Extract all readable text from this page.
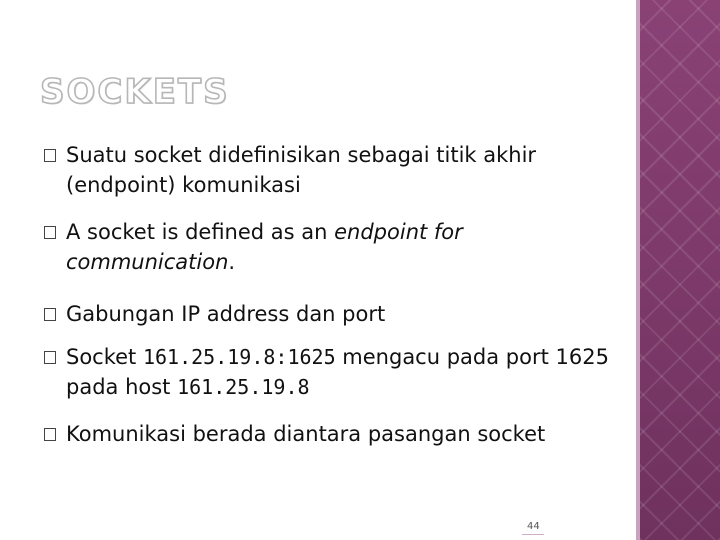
SOCKETS
Suatu socket didefinisikan sebagai titik akhir (endpoint) komunikasi
A socket is defined as an endpoint for communication.
Gabungan IP address dan port
Socket 161.25.19.8:1625 mengacu pada port 1625 pada host 161.25.19.8
Komunikasi berada diantara pasangan socket
44
